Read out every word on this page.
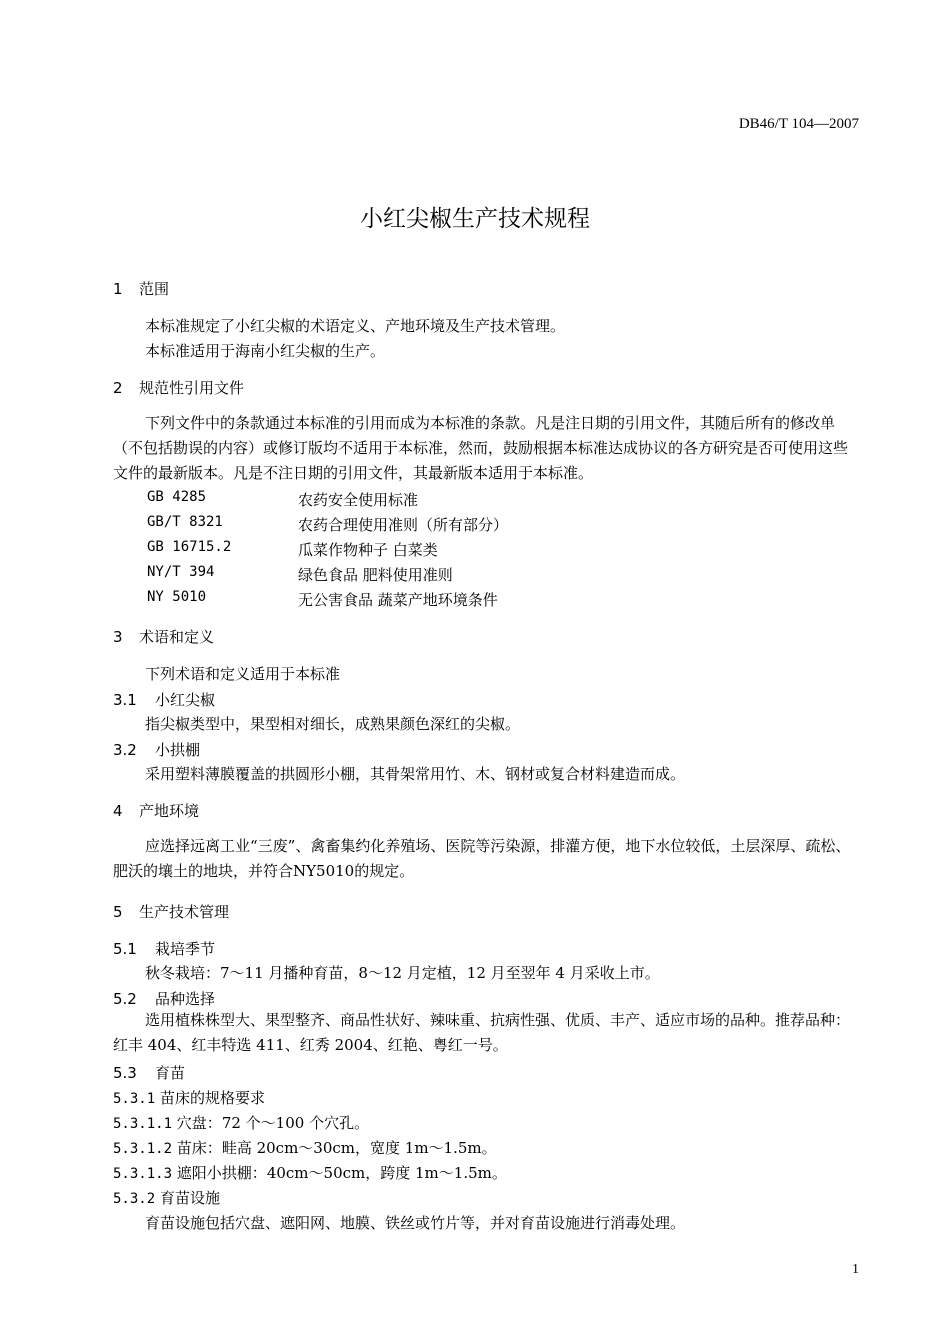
DB46/T 104—2007
小红尖椒生产技术规程
1 范围
本标准规定了小红尖椒的术语定义、产地环境及生产技术管理。
本标准适用于海南小红尖椒的生产。
2 规范性引用文件
下列文件中的条款通过本标准的引用而成为本标准的条款。凡是注日期的引用文件，其随后所有的修改单（不包括勘误的内容）或修订版均不适用于本标准，然而，鼓励根据本标准达成协议的各方研究是否可使用这些文件的最新版本。凡是不注日期的引用文件，其最新版本适用于本标准。
GB 4285	农药安全使用标准
GB/T 8321	农药合理使用准则（所有部分）
GB 16715.2	瓜菜作物种子 白菜类
NY/T 394	绿色食品 肥料使用准则
NY 5010	无公害食品 蔬菜产地环境条件
3 术语和定义
下列术语和定义适用于本标准
3.1 小红尖椒
指尖椒类型中，果型相对细长，成熟果颜色深红的尖椒。
3.2 小拱棚
采用塑料薄膜覆盖的拱圆形小棚，其骨架常用竹、木、钢材或复合材料建造而成。
4 产地环境
应选择远离工业“三废”、禽畜集约化养殖场、医院等污染源，排灌方便，地下水位较低，土层深厚、疏松、肥沃的壤土的地块，并符合NY5010的规定。
5 生产技术管理
5.1 栽培季节
秋冬栽培：7～11 月播种育苗，8～12 月定植，12 月至翌年 4 月采收上市。
5.2 品种选择
选用植株株型大、果型整齐、商品性状好、辣味重、抗病性强、优质、丰产、适应市场的品种。推荐品种：红丰 404、红丰特选 411、红秀 2004、红艳、粤红一号。
5.3 育苗
5.3.1 苗床的规格要求
5.3.1.1 穴盘：72 个～100 个穴孔。
5.3.1.2 苗床：畦高 20cm～30cm，宽度 1m～1.5m。
5.3.1.3 遮阳小拱棚：40cm～50cm，跨度 1m～1.5m。
5.3.2 育苗设施
育苗设施包括穴盘、遮阳网、地膜、铁丝或竹片等，并对育苗设施进行消毒处理。
1
